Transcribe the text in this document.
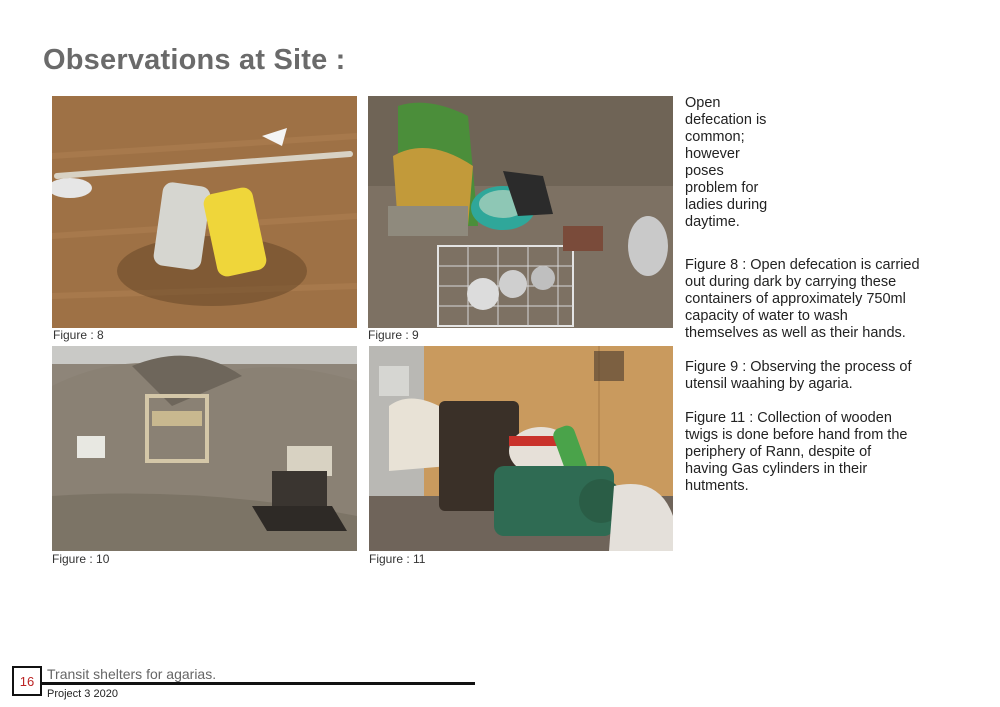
Observations at Site :
Figure : 8	Figure : 9
Figure : 10	Figure : 11

Open defecation is common; however poses problem for ladies during daytime.

Figure 8 : Open defecation is carried out during dark by carrying these containers of approximately 750ml capacity of water to wash themselves as well as their hands.

Figure 9 : Observing the process of utensil waahing by agaria.

Figure 11 : Collection of wooden twigs is done before hand from the periphery of Rann, despite of having Gas cylinders in their hutments.

16 Transit shelters for agarias.
Project 3 2020
